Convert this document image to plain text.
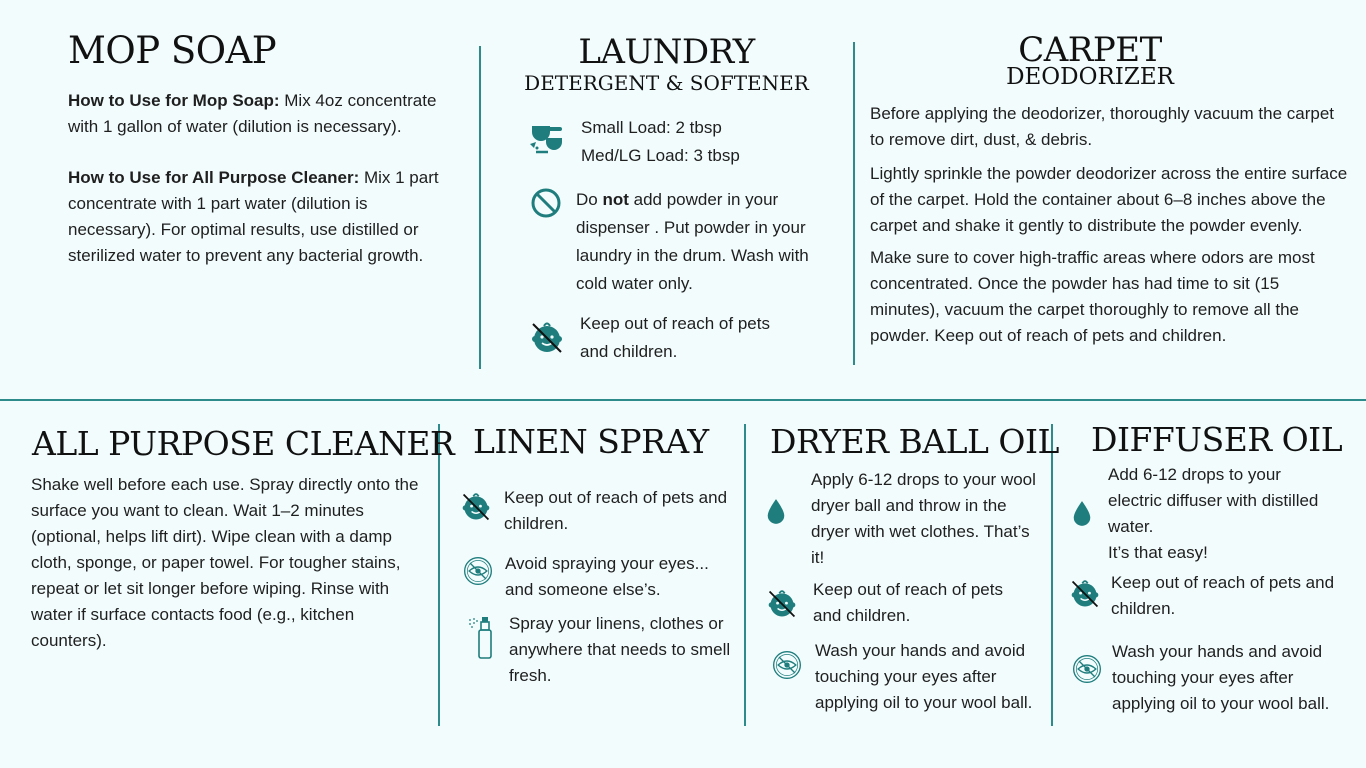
MOP SOAP

How to Use for Mop Soap: Mix 4oz concentrate with 1 gallon of water (dilution is necessary).

How to Use for All Purpose Cleaner: Mix 1 part concentrate with 1 part water (dilution is necessary). For optimal results, use distilled or sterilized water to prevent any bacterial growth.

LAUNDRY
DETERGENT & SOFTENER

Small Load: 2 tbsp

Med/LG Load: 3 tbsp

Do not add powder in your dispenser . Put powder in your laundry in the drum. Wash with cold water only.
Keep out of reach of pets and children.
CARPET
DEODORIZER

Before applying the deodorizer, thoroughly vacuum the carpet to remove dirt, dust, & debris.

Lightly sprinkle the powder deodorizer across the entire surface of the carpet. Hold the container about 6–8 inches above the carpet and shake it gently to distribute the powder evenly.

Make sure to cover high-traffic areas where odors are most concentrated. Once the powder has had time to sit (15 minutes), vacuum the carpet thoroughly to remove all the powder. Keep out of reach of pets and children.

ALL PURPOSE CLEANER
Shake well before each use. Spray directly onto the surface you want to clean. Wait 1–2 minutes (optional, helps lift dirt). Wipe clean with a damp cloth, sponge, or paper towel. For tougher stains, repeat or let sit longer before wiping. Rinse with water if surface contacts food (e.g., kitchen counters).
LINEN SPRAY
Keep out of reach of pets and children.
Avoid spraying your eyes... and someone else’s.
Spray your linens, clothes or anywhere that needs to smell fresh.
DRYER BALL OIL
Apply 6-12 drops to your wool dryer ball and throw in the dryer with wet clothes. That’s it!
Keep out of reach of pets and children.
Wash your hands and avoid touching your eyes after applying oil to your wool ball.
DIFFUSER OIL

Add 6-12 drops to your electric diffuser with distilled water.

It’s that easy!

Keep out of reach of pets and children.
Wash your hands and avoid touching your eyes after applying oil to your wool ball.
